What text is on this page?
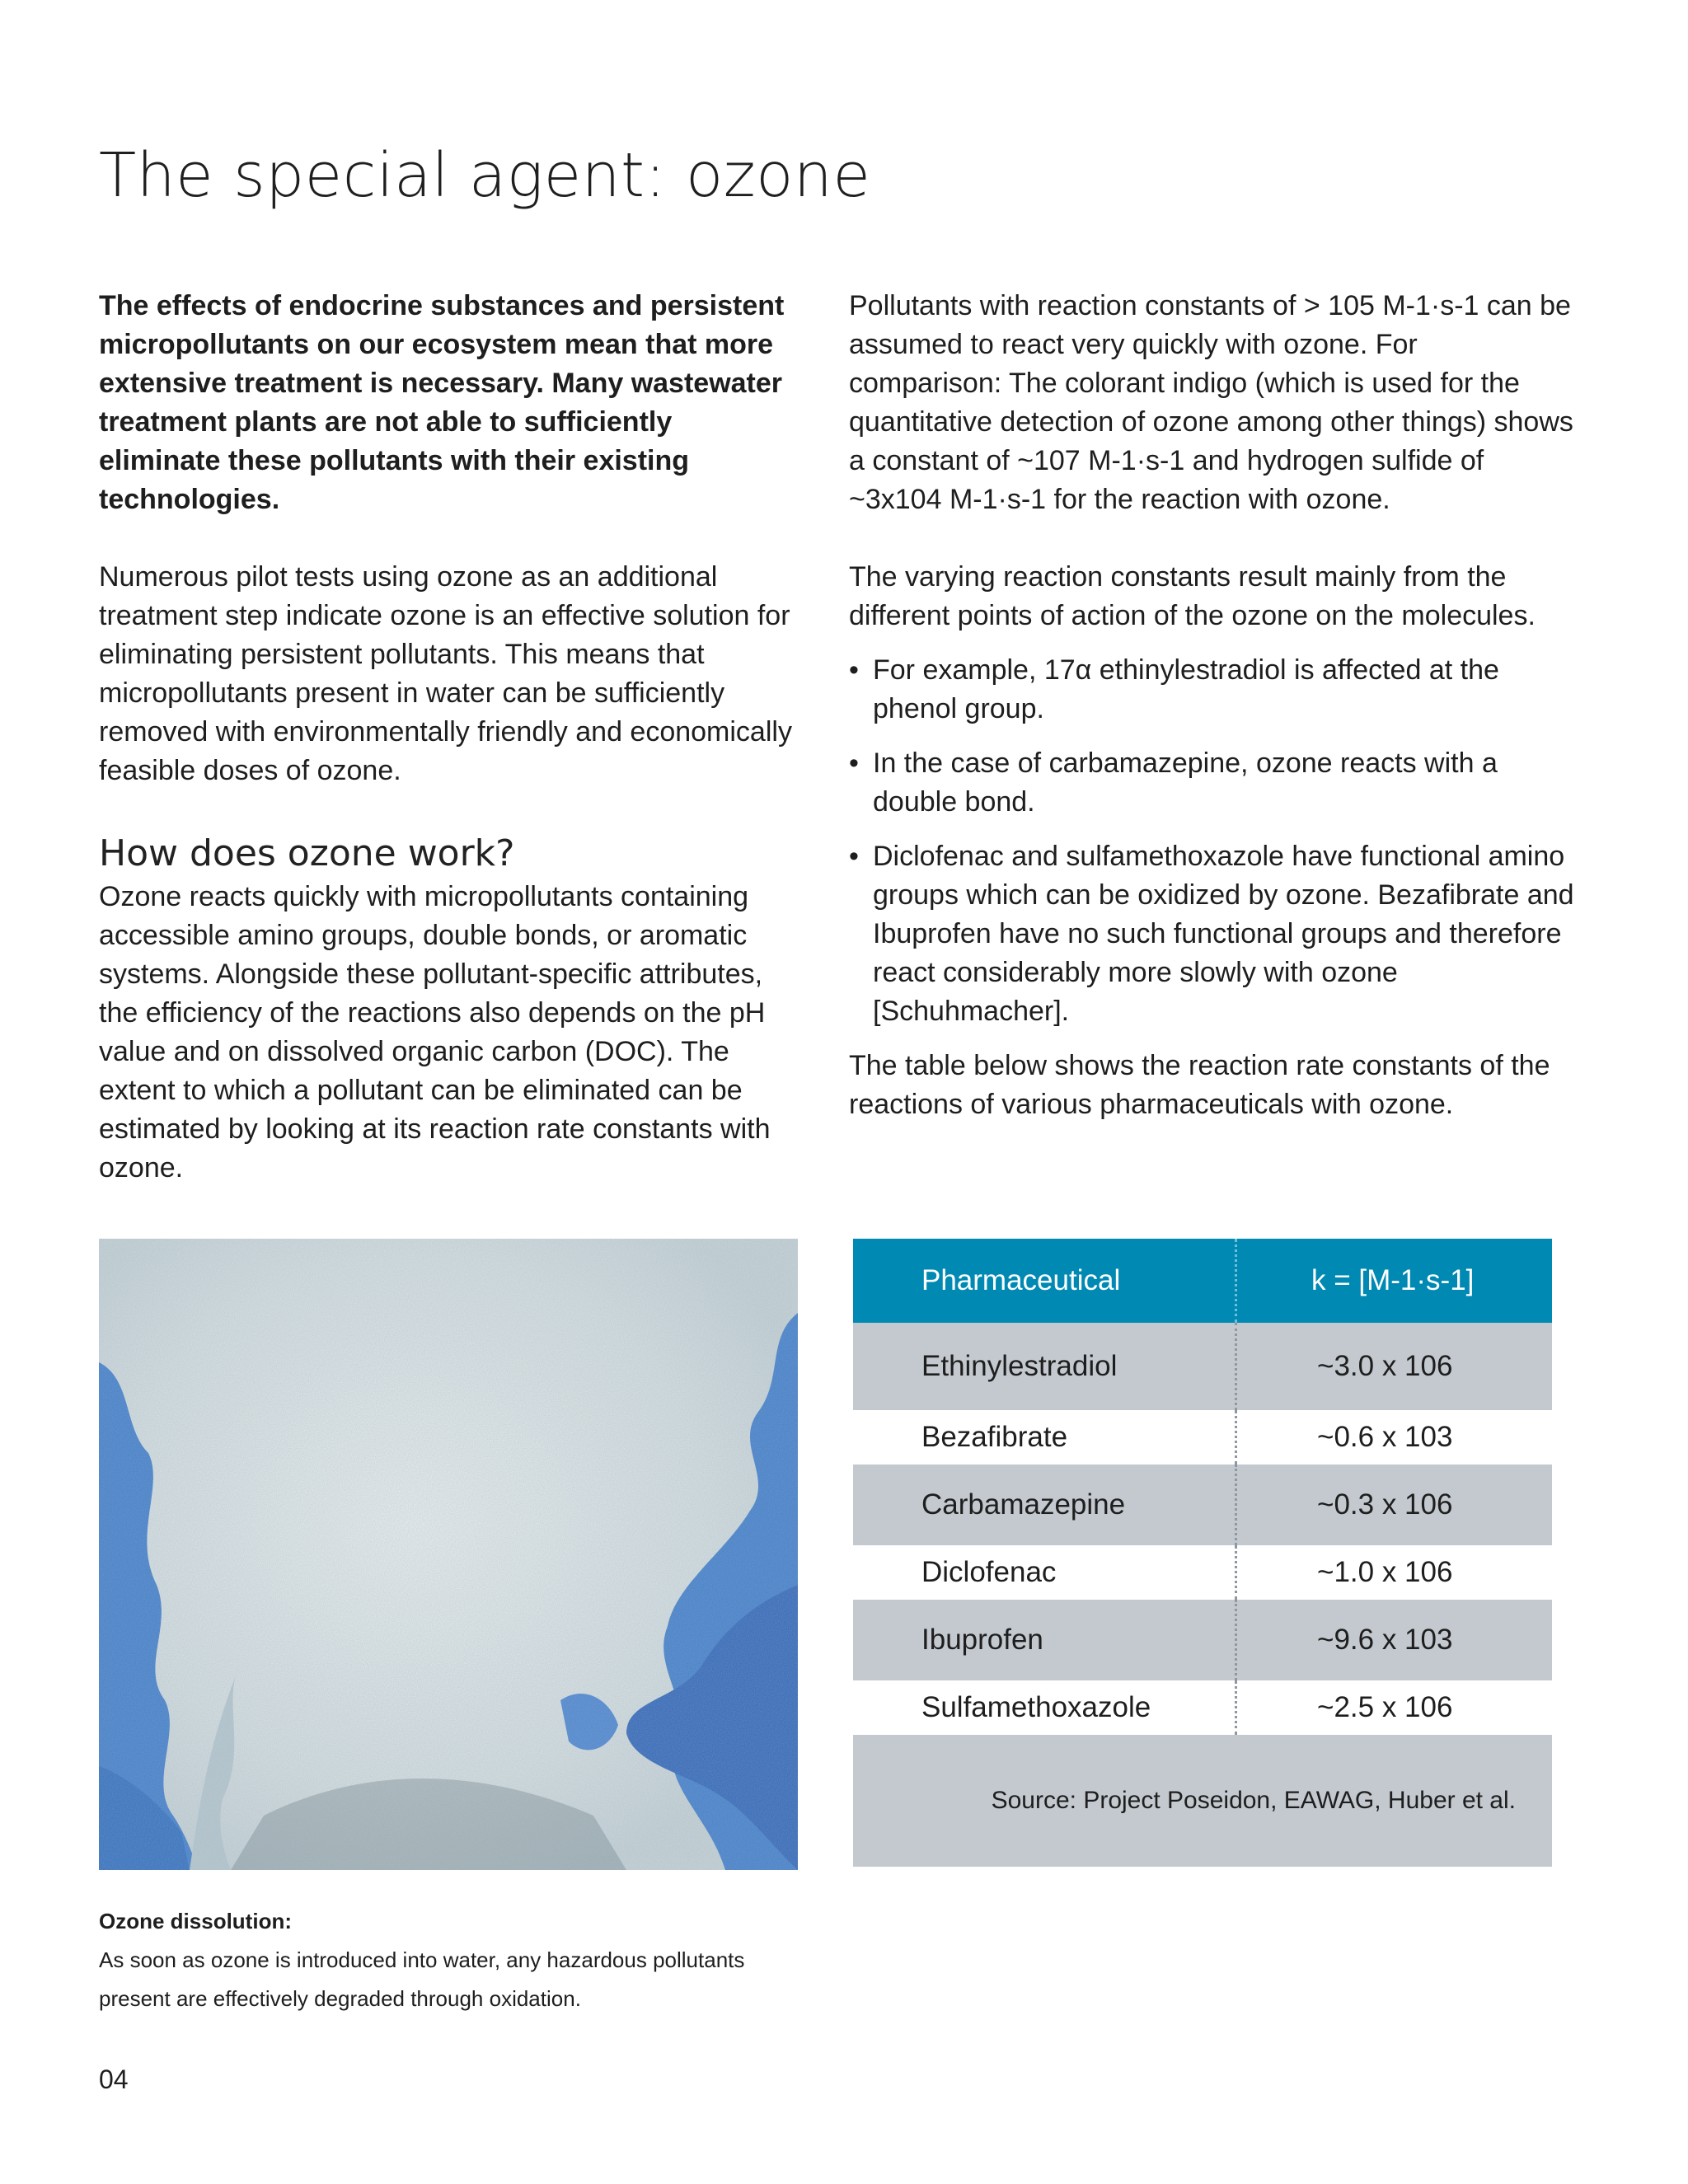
The special agent: ozone

The effects of endocrine substances and persistent micropollutants on our ecosystem mean that more extensive treatment is necessary. Many wastewater treatment plants are not able to sufficiently eliminate these pollutants with their existing technologies.

Numerous pilot tests using ozone as an additional treatment step indicate ozone is an effective solution for eliminating persistent pollutants. This means that micropollutants present in water can be sufficiently removed with environmentally friendly and economically feasible doses of ozone.

How does ozone work?

Ozone reacts quickly with micropollutants containing accessible amino groups, double bonds, or aromatic systems. Alongside these pollutant-specific attributes, the efficiency of the reactions also depends on the pH value and on dissolved organic carbon (DOC). The extent to which a pollutant can be eliminated can be estimated by looking at its reaction rate constants with ozone.

Pollutants with reaction constants of > 105 M-1·s-1 can be assumed to react very quickly with ozone. For comparison: The colorant indigo (which is used for the quantitative detection of ozone among other things) shows a constant of ~107 M-1·s-1 and hydrogen sulfide of ~3x104 M-1·s-1 for the reaction with ozone.

The varying reaction constants result mainly from the different points of action of the ozone on the molecules.

• For example, 17α ethinylestradiol is affected at the phenol group.
• In the case of carbamazepine, ozone reacts with a double bond.
• Diclofenac and sulfamethoxazole have functional amino groups which can be oxidized by ozone. Bezafibrate and Ibuprofen have no such functional groups and therefore react considerably more slowly with ozone [Schuhmacher].

The table below shows the reaction rate constants of the reactions of various pharmaceuticals with ozone.

Pharmaceutical	k = [M-1·s-1]
Ethinylestradiol	~3.0 x 106
Bezafibrate	~0.6 x 103
Carbamazepine	~0.3 x 106
Diclofenac	~1.0 x 106
Ibuprofen	~9.6 x 103
Sulfamethoxazole	~2.5 x 106
Source: Project Poseidon, EAWAG, Huber et al.
Ozone dissolution:
As soon as ozone is introduced into water, any hazardous pollutants present are effectively degraded through oxidation.
04
